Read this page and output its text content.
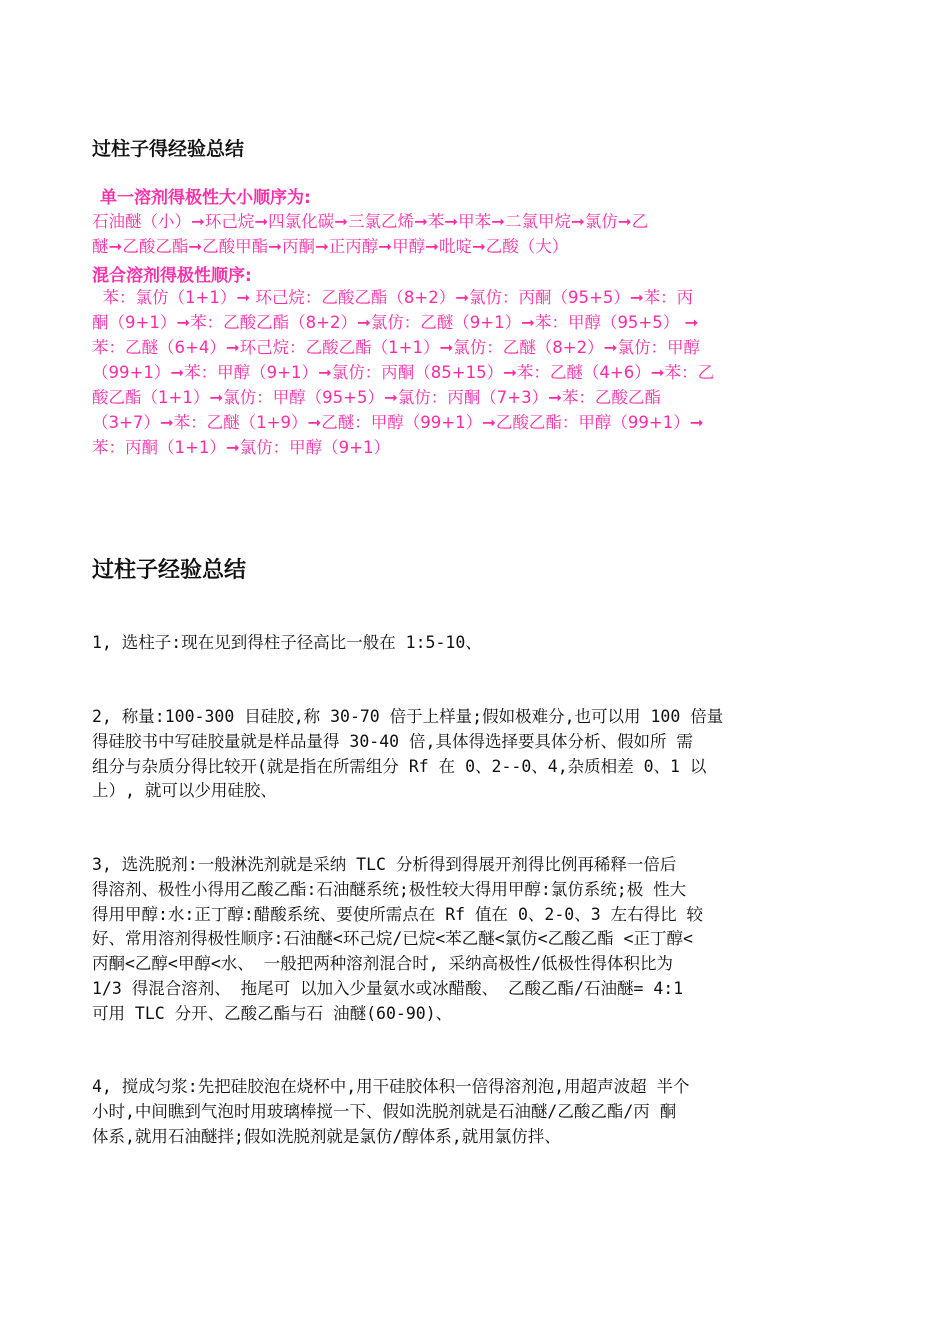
过柱子得经验总结
单一溶剂得极性大小顺序为:
石油醚（小）➞环己烷➞四氯化碳➞三氯乙烯➞苯➞甲苯➞二氯甲烷➞氯仿➞乙
醚➞乙酸乙酯➞乙酸甲酯➞丙酮➞正丙醇➞甲醇➞吡啶➞乙酸（大）
混合溶剂得极性顺序:
苯：氯仿（1+1）➞ 环己烷：乙酸乙酯（8+2）➞氯仿：丙酮（95+5）➞苯：丙
酮（9+1）➞苯：乙酸乙酯（8+2）➞氯仿：乙醚（9+1）➞苯：甲醇（95+5） ➞
苯：乙醚（6+4）➞环己烷：乙酸乙酯（1+1）➞氯仿：乙醚（8+2）➞氯仿：甲醇
（99+1）➞苯：甲醇（9+1）➞氯仿：丙酮（85+15）➞苯：乙醚（4+6）➞苯：乙
酸乙酯（1+1）➞氯仿：甲醇（95+5）➞氯仿：丙酮（7+3）➞苯：乙酸乙酯
（3+7）➞苯：乙醚（1+9）➞乙醚：甲醇（99+1）➞乙酸乙酯：甲醇（99+1）➞
苯：丙酮（1+1）➞氯仿：甲醇（9+1）
过柱子经验总结
1, 选柱子:现在见到得柱子径高比一般在 1:5-10、
2, 称量:100-300 目硅胶,称 30-70 倍于上样量;假如极难分,也可以用 100 倍量
得硅胶书中写硅胶量就是样品量得 30-40 倍,具体得选择要具体分析、假如所 需
组分与杂质分得比较开(就是指在所需组分 Rf 在 0、2--0、4,杂质相差 0、1 以
上）, 就可以少用硅胶、
3, 选洗脱剂:一般淋洗剂就是采纳 TLC 分析得到得展开剂得比例再稀释一倍后
得溶剂、极性小得用乙酸乙酯:石油醚系统;极性较大得用甲醇:氯仿系统;极 性大
得用甲醇:水:正丁醇:醋酸系统、要使所需点在 Rf 值在 0、2-0、3 左右得比 较
好、常用溶剂得极性顺序:石油醚<环己烷/已烷<苯乙醚<氯仿<乙酸乙酯 <正丁醇<
丙酮<乙醇<甲醇<水、 一般把两种溶剂混合时, 采纳高极性/低极性得体积比为
1/3 得混合溶剂、 拖尾可 以加入少量氨水或冰醋酸、 乙酸乙酯/石油醚= 4:1
可用 TLC 分开、乙酸乙酯与石 油醚(60-90)、
4, 搅成匀浆:先把硅胶泡在烧杯中,用干硅胶体积一倍得溶剂泡,用超声波超 半个
小时,中间瞧到气泡时用玻璃棒搅一下、假如洗脱剂就是石油醚/乙酸乙酯/丙 酮
体系,就用石油醚拌;假如洗脱剂就是氯仿/醇体系,就用氯仿拌、
